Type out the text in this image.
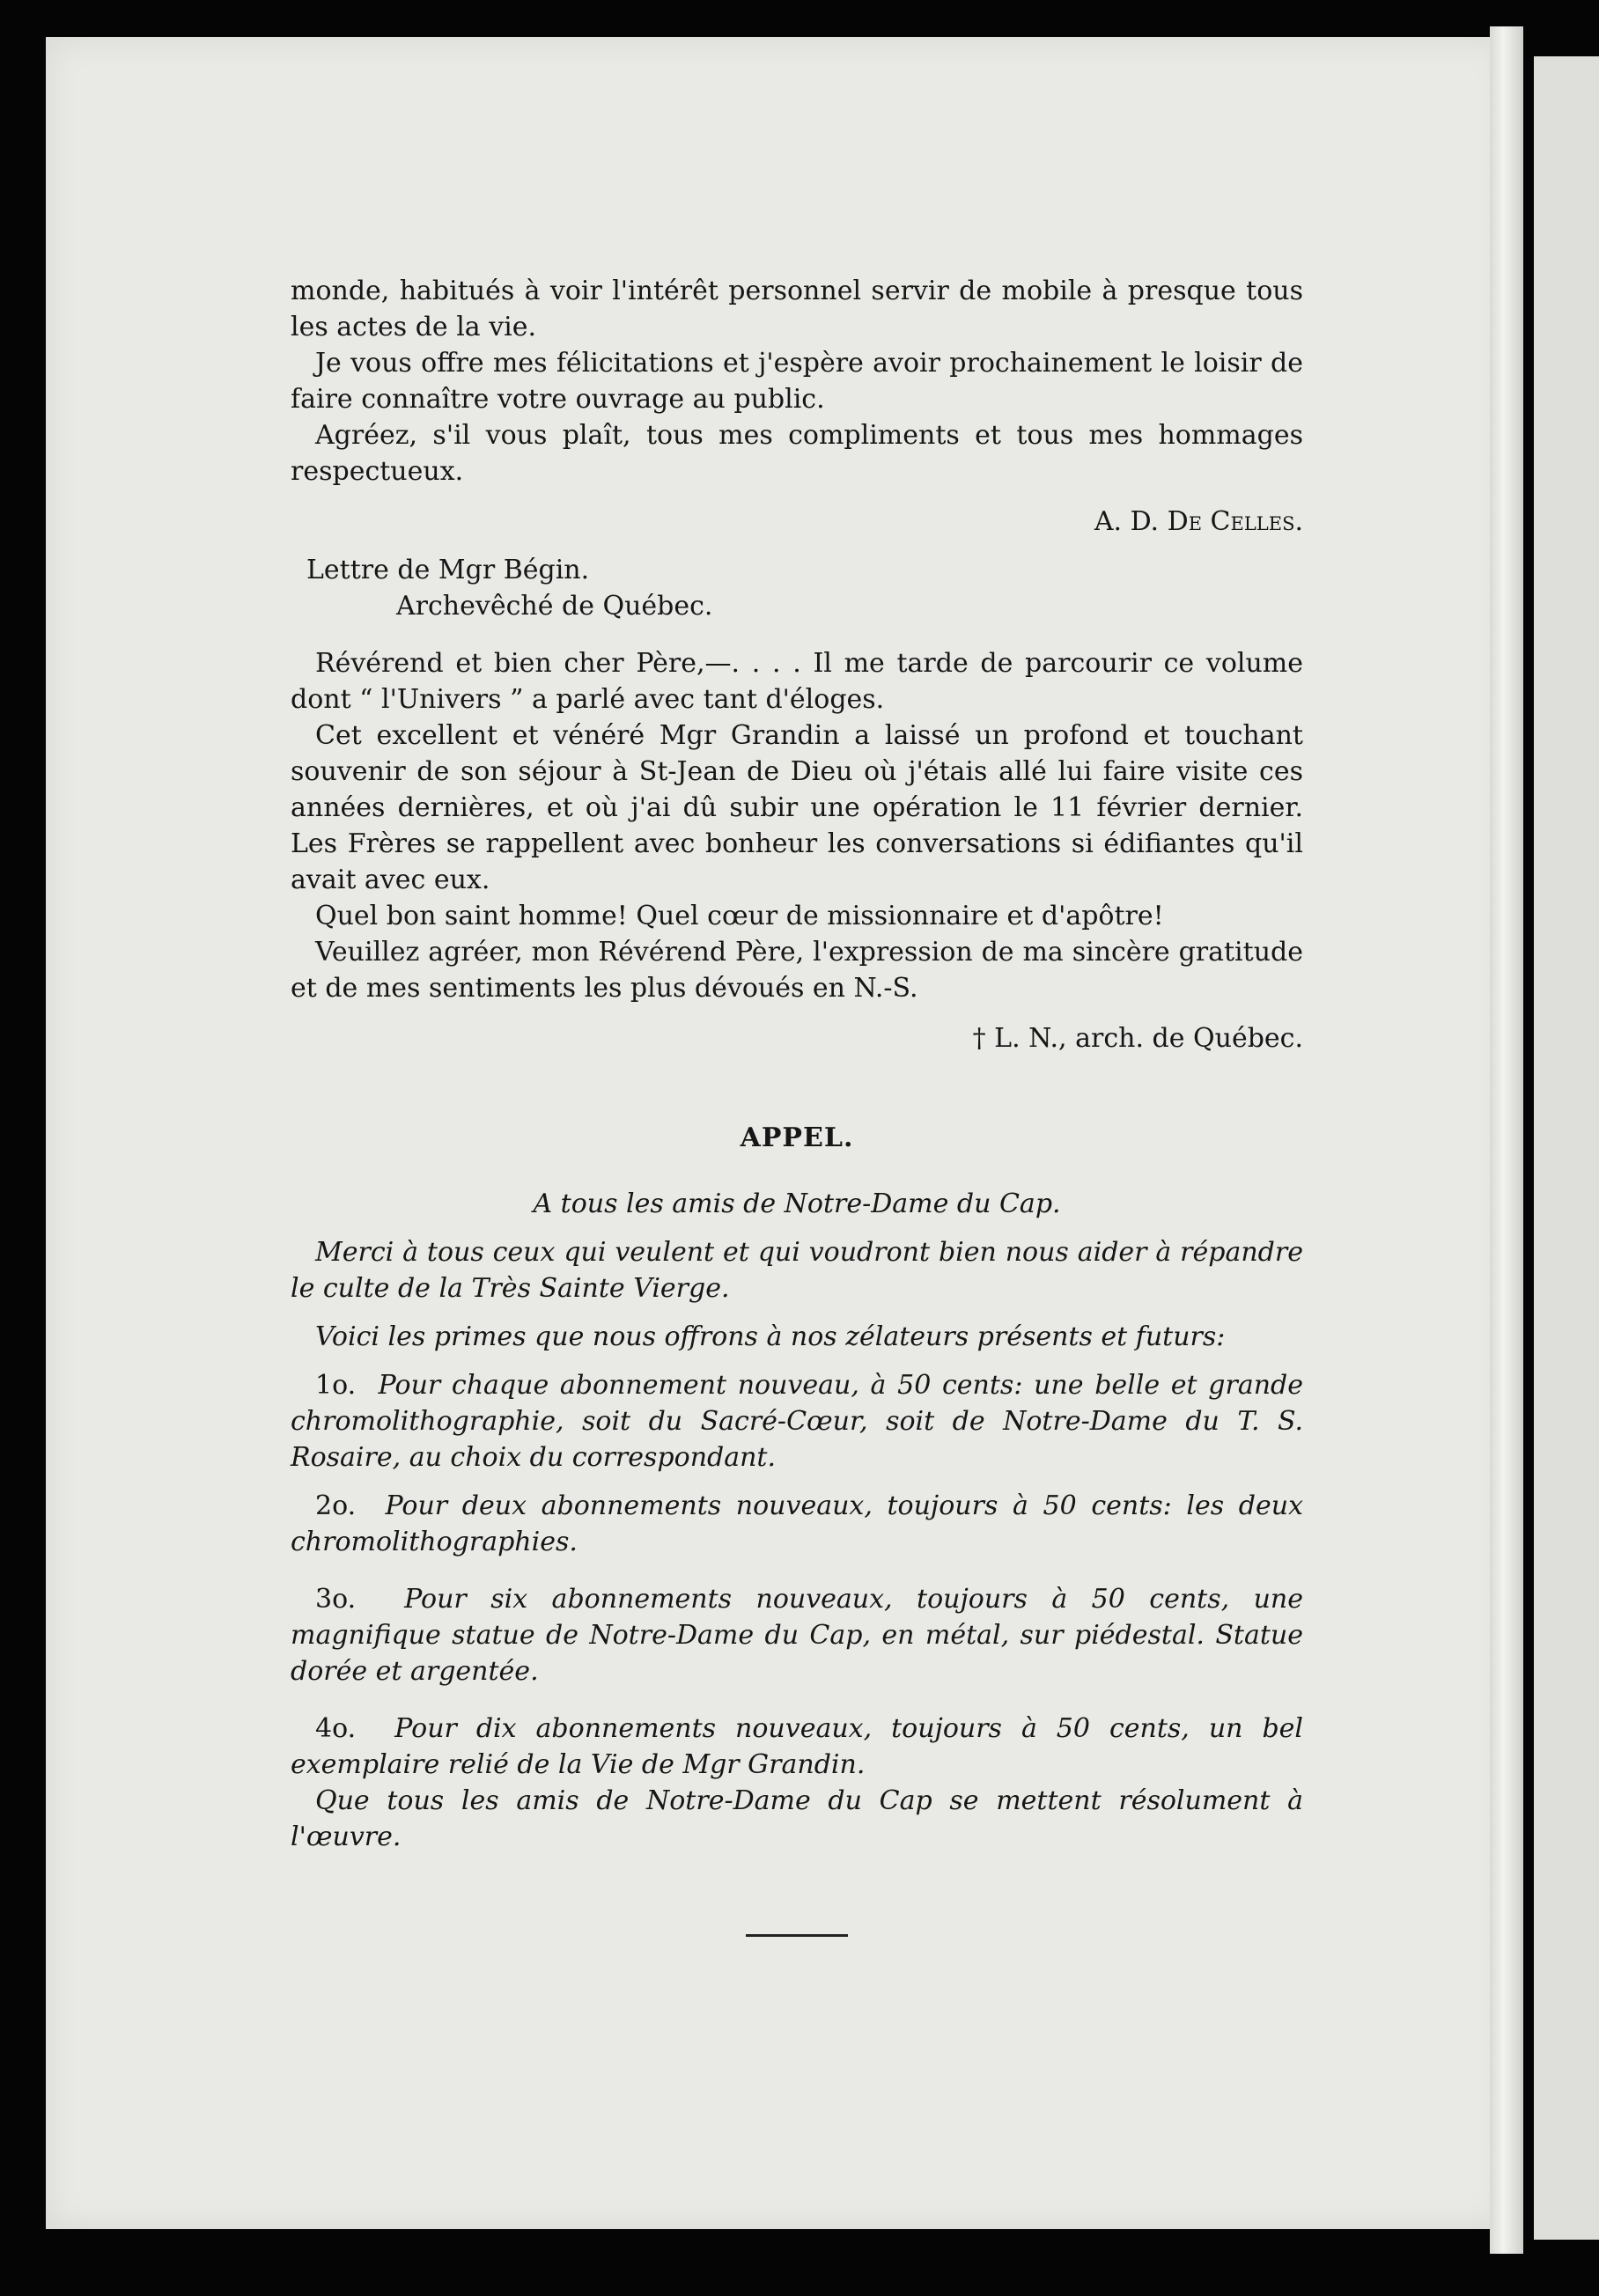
monde, habitués à voir l'intérêt personnel servir de mobile à presque tous les actes de la vie.

Je vous offre mes félicitations et j'espère avoir prochainement le loisir de faire connaître votre ouvrage au public.

Agréez, s'il vous plaît, tous mes compliments et tous mes hommages respectueux.

A. D. De Celles.

Lettre de Mgr Bégin.

Archevêché de Québec.

Révérend et bien cher Père,—. . . . Il me tarde de parcourir ce volume dont “ l'Univers ” a parlé avec tant d'éloges.

Cet excellent et vénéré Mgr Grandin a laissé un profond et touchant souvenir de son séjour à St-Jean de Dieu où j'étais allé lui faire visite ces années dernières, et où j'ai dû subir une opération le 11 février dernier. Les Frères se rappellent avec bonheur les conversations si édifiantes qu'il avait avec eux.

Quel bon saint homme! Quel cœur de missionnaire et d'apôtre!

Veuillez agréer, mon Révérend Père, l'expression de ma sincère gratitude et de mes sentiments les plus dévoués en N.-S.

† L. N., arch. de Québec.

APPEL.

A tous les amis de Notre-Dame du Cap.

Merci à tous ceux qui veulent et qui voudront bien nous aider à répandre le culte de la Très Sainte Vierge.

Voici les primes que nous offrons à nos zélateurs présents et futurs:

1o. Pour chaque abonnement nouveau, à 50 cents: une belle et grande chromolithographie, soit du Sacré-Cœur, soit de Notre-Dame du T. S. Rosaire, au choix du correspondant.

2o. Pour deux abonnements nouveaux, toujours à 50 cents: les deux chromolithographies.

3o. Pour six abonnements nouveaux, toujours à 50 cents, une magnifique statue de Notre-Dame du Cap, en métal, sur piédestal. Statue dorée et argentée.

4o. Pour dix abonnements nouveaux, toujours à 50 cents, un bel exemplaire relié de la Vie de Mgr Grandin.

Que tous les amis de Notre-Dame du Cap se mettent résolument à l'œuvre.
